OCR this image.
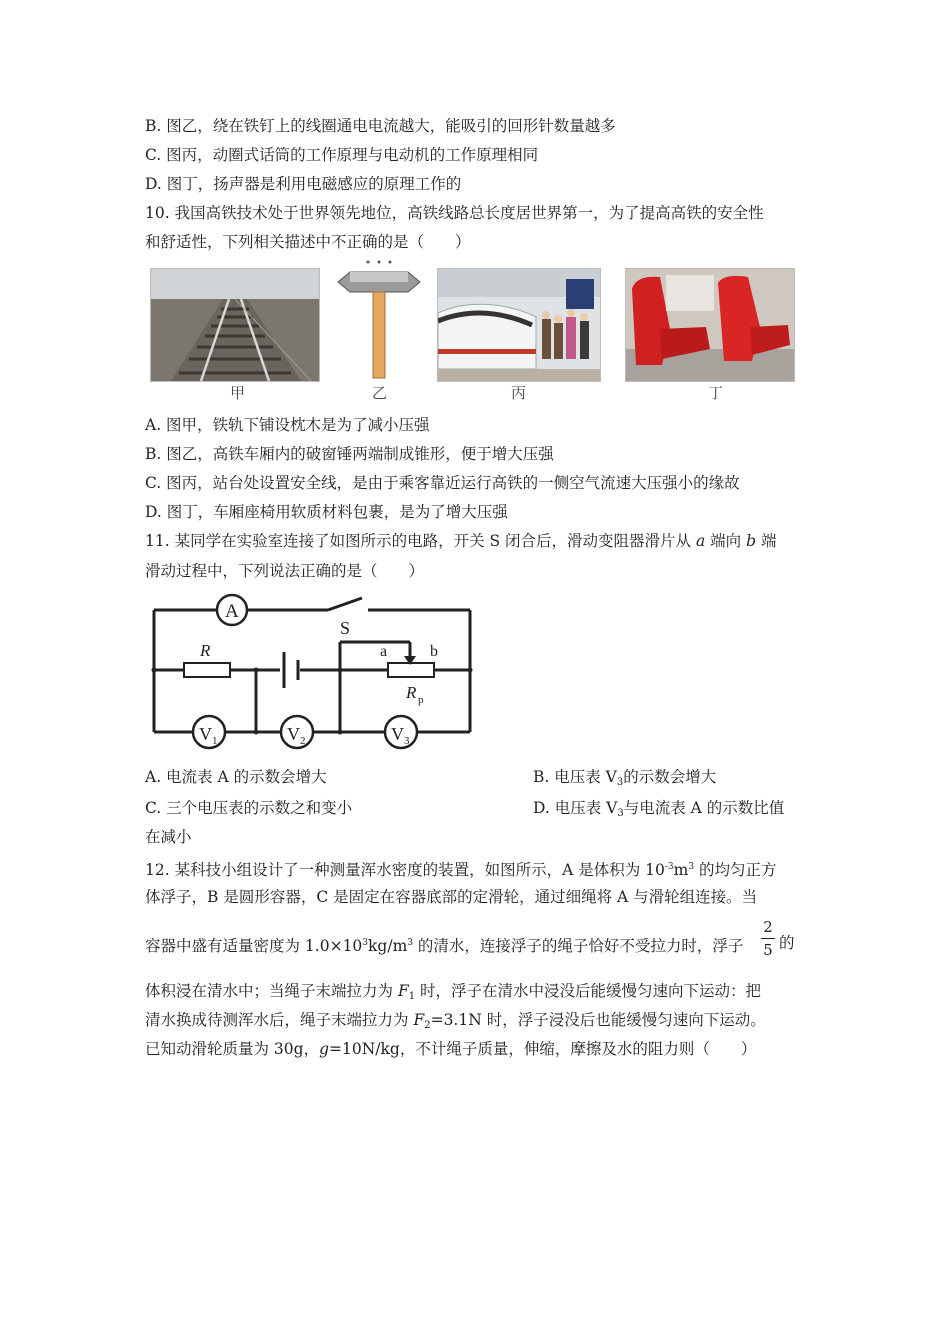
B. 图乙，绕在铁钉上的线圈通电电流越大，能吸引的回形针数量越多
C. 图丙，动圈式话筒的工作原理与电动机的工作原理相同
D. 图丁，扬声器是利用电磁感应的原理工作的
10. 我国高铁技术处于世界领先地位，高铁线路总长度居世界第一，为了提高高铁的安全性
和舒适性，下列相关描述中不正确的是（　　）
甲	乙	丙	丁
A. 图甲，铁轨下铺设枕木是为了减小压强
B. 图乙，高铁车厢内的破窗锤两端制成锥形，便于增大压强
C. 图丙，站台处设置安全线，是由于乘客靠近运行高铁的一侧空气流速大压强小的缘故
D. 图丁，车厢座椅用软质材料包裹，是为了增大压强
11. 某同学在实验室连接了如图所示的电路，开关 S 闭合后，滑动变阻器滑片从 a 端向 b 端
滑动过程中，下列说法正确的是（　　）
A
S
R	a	b
R p
V 1	V 2	V 3
A. 电流表 A 的示数会增大	B. 电压表 $V_3$的示数会增大
C. 三个电压表的示数之和变小	D. 电压表 $V_3$与电流表 A 的示数比值
在减小
12. 某科技小组设计了一种测量浑水密度的装置，如图所示，A 是体积为 $10^{-3}m^3$ 的均匀正方
体浮子，B 是圆形容器，C 是固定在容器底部的定滑轮，通过细绳将 A 与滑轮组连接。当
容器中盛有适量密度为 $1.0\times 10^3kg/m^3$ 的清水，连接浮子的绳子恰好不受拉力时，浮子
2
5 的
体积浸在清水中；当绳子末端拉力为 $F_1$ 时，浮子在清水中浸没后能缓慢匀速向下运动：把
清水换成待测浑水后，绳子末端拉力为 $F_2=3.1N$ 时，浮子浸没后也能缓慢匀速向下运动。
已知动滑轮质量为 30g，g=10N/kg，不计绳子质量，伸缩，摩擦及水的阻力则（　　）
